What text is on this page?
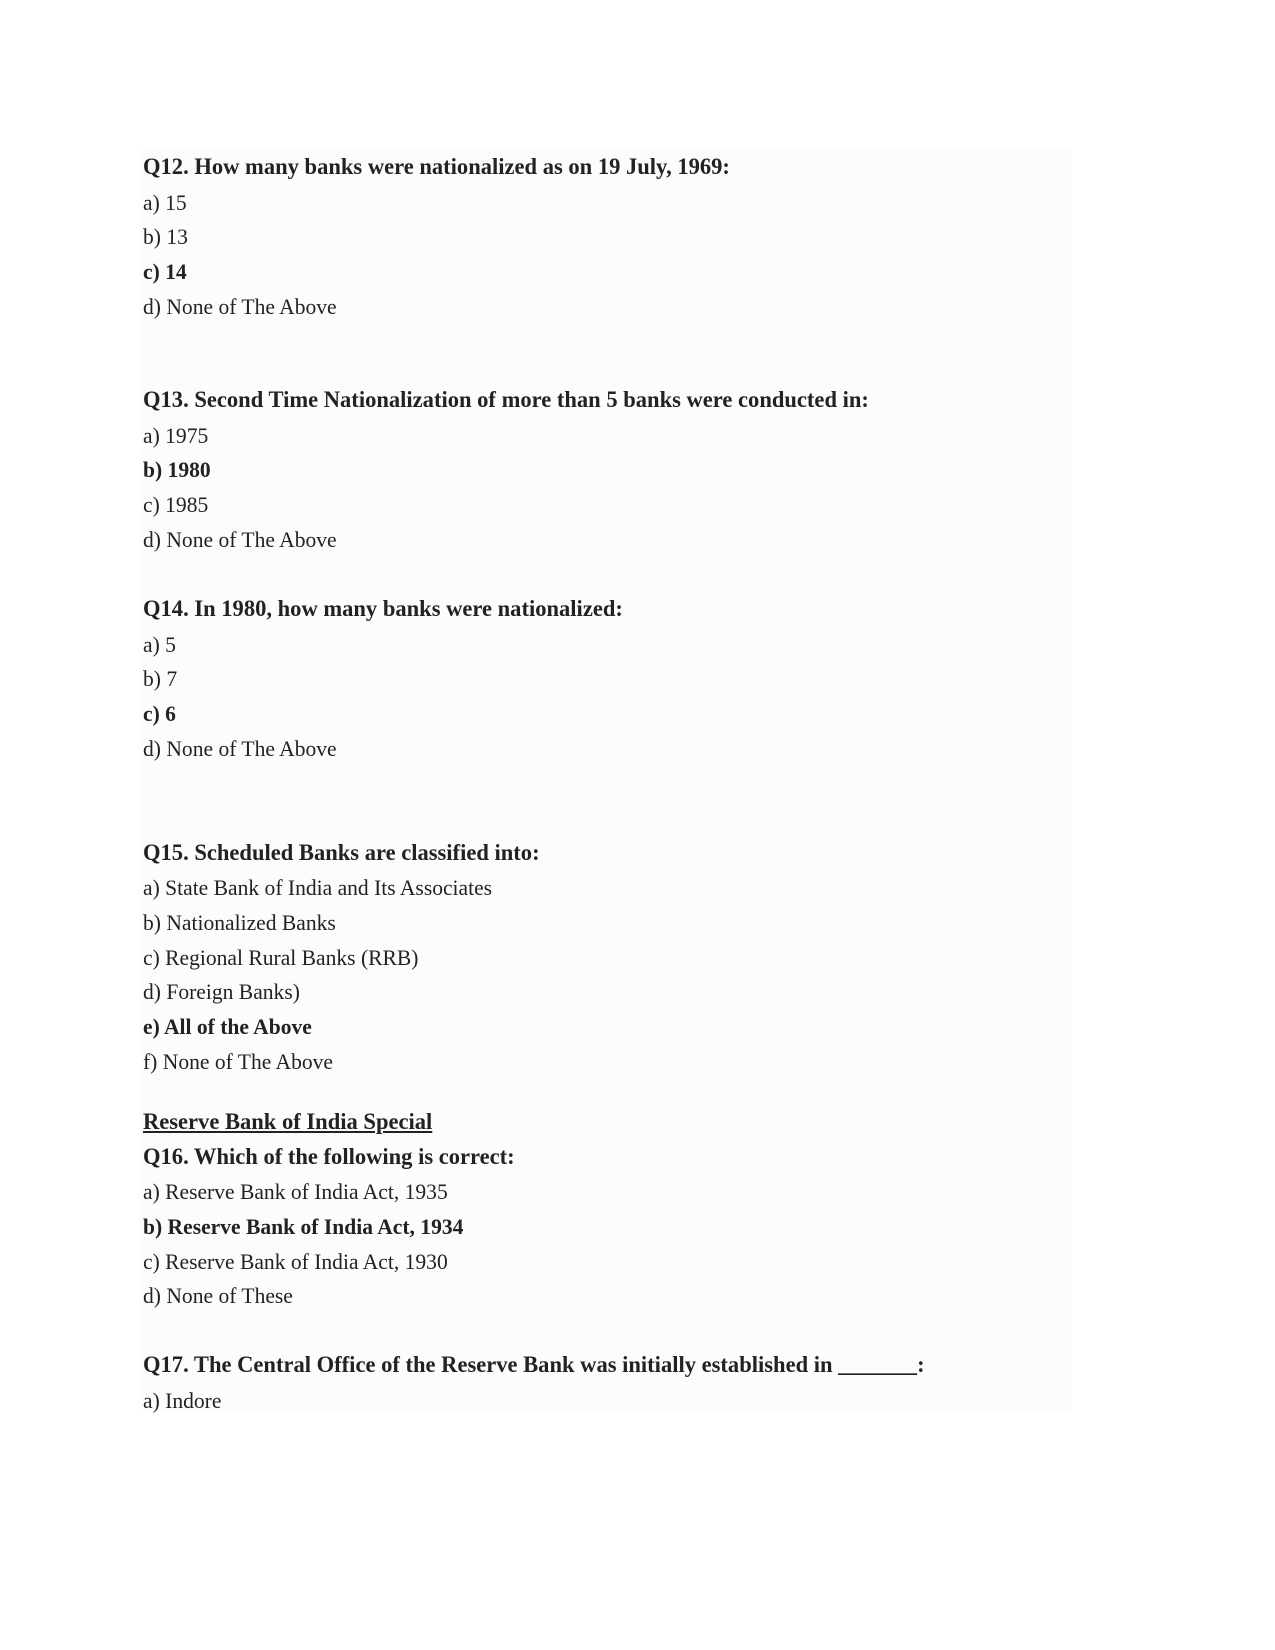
Q12. How many banks were nationalized as on 19 July, 1969:
a) 15
b) 13
c) 14
d) None of The Above
Q13. Second Time Nationalization of more than 5 banks were conducted in:
a) 1975
b) 1980
c) 1985
d) None of The Above
Q14. In 1980, how many banks were nationalized:
a) 5
b) 7
c) 6
d) None of The Above
Q15. Scheduled Banks are classified into:
a) State Bank of India and Its Associates
b) Nationalized Banks
c) Regional Rural Banks (RRB)
d) Foreign Banks)
e) All of the Above
f) None of The Above
Reserve Bank of India Special
Q16. Which of the following is correct:
a) Reserve Bank of India Act, 1935
b) Reserve Bank of India Act, 1934
c) Reserve Bank of India Act, 1930
d) None of These
Q17. The Central Office of the Reserve Bank was initially established in _______:
a) Indore
